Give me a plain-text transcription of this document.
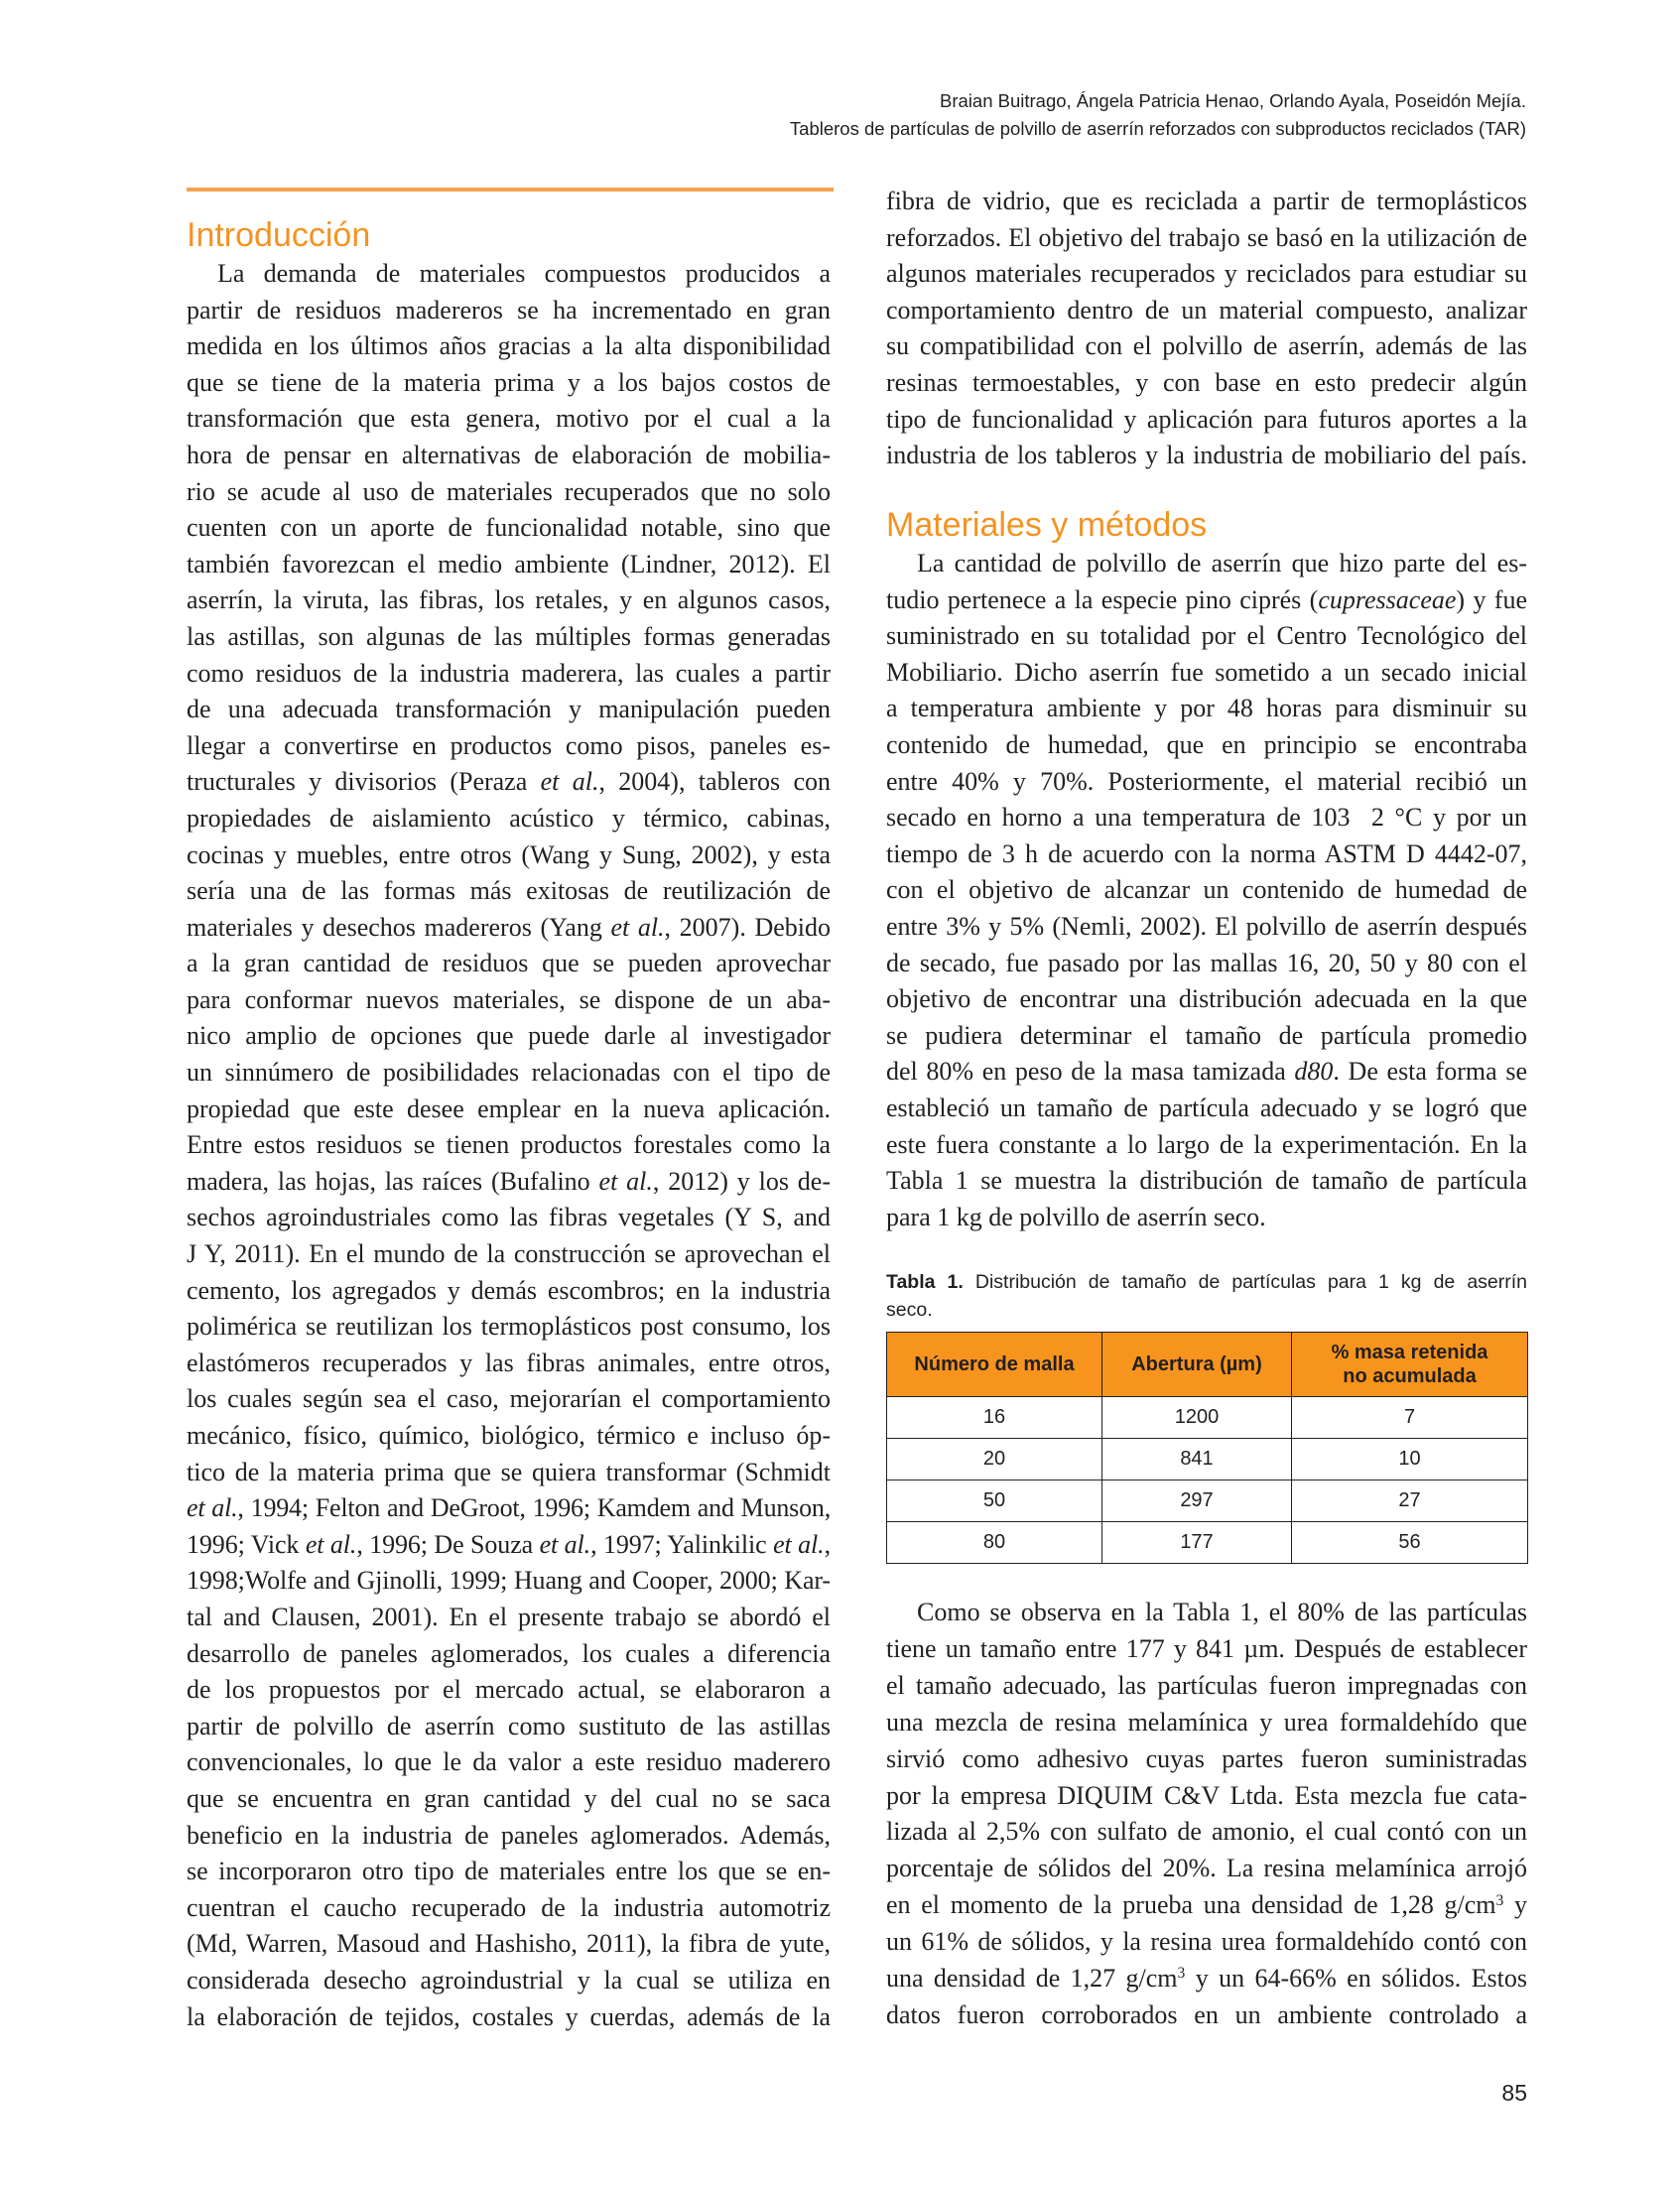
Braian Buitrago, Ángela Patricia Henao, Orlando Ayala, Poseidón Mejía.
Tableros de partículas de polvillo de aserrín reforzados con subproductos reciclados (TAR)
Introducción
La demanda de materiales compuestos producidos a
partir de residuos madereros se ha incrementado en gran
medida en los últimos años gracias a la alta disponibilidad
que se tiene de la materia prima y a los bajos costos de
transformación que esta genera, motivo por el cual a la
hora de pensar en alternativas de elaboración de mobilia-
rio se acude al uso de materiales recuperados que no solo
cuenten con un aporte de funcionalidad notable, sino que
también favorezcan el medio ambiente (Lindner, 2012). El
aserrín, la viruta, las fibras, los retales, y en algunos casos,
las astillas, son algunas de las múltiples formas generadas
como residuos de la industria maderera, las cuales a partir
de una adecuada transformación y manipulación pueden
llegar a convertirse en productos como pisos, paneles es-
tructurales y divisorios (Peraza et al., 2004), tableros con
propiedades de aislamiento acústico y térmico, cabinas,
cocinas y muebles, entre otros (Wang y Sung, 2002), y esta
sería una de las formas más exitosas de reutilización de
materiales y desechos madereros (Yang et al., 2007). Debido
a la gran cantidad de residuos que se pueden aprovechar
para conformar nuevos materiales, se dispone de un aba-
nico amplio de opciones que puede darle al investigador
un sinnúmero de posibilidades relacionadas con el tipo de
propiedad que este desee emplear en la nueva aplicación.
Entre estos residuos se tienen productos forestales como la
madera, las hojas, las raíces (Bufalino et al., 2012) y los de-
sechos agroindustriales como las fibras vegetales (Y S, and
J Y, 2011). En el mundo de la construcción se aprovechan el
cemento, los agregados y demás escombros; en la industria
polimérica se reutilizan los termoplásticos post consumo, los
elastómeros recuperados y las fibras animales, entre otros,
los cuales según sea el caso, mejorarían el comportamiento
mecánico, físico, químico, biológico, térmico e incluso óp-
tico de la materia prima que se quiera transformar (Schmidt
et al., 1994; Felton and DeGroot, 1996; Kamdem and Munson,
1996; Vick et al., 1996; De Souza et al., 1997; Yalinkilic et al.,
1998;Wolfe and Gjinolli, 1999; Huang and Cooper, 2000; Kar-
tal and Clausen, 2001). En el presente trabajo se abordó el
desarrollo de paneles aglomerados, los cuales a diferencia
de los propuestos por el mercado actual, se elaboraron a
partir de polvillo de aserrín como sustituto de las astillas
convencionales, lo que le da valor a este residuo maderero
que se encuentra en gran cantidad y del cual no se saca
beneficio en la industria de paneles aglomerados. Además,
se incorporaron otro tipo de materiales entre los que se en-
cuentran el caucho recuperado de la industria automotriz
(Md, Warren, Masoud and Hashisho, 2011), la fibra de yute,
considerada desecho agroindustrial y la cual se utiliza en
la elaboración de tejidos, costales y cuerdas, además de la
fibra de vidrio, que es reciclada a partir de termoplásticos
reforzados. El objetivo del trabajo se basó en la utilización de
algunos materiales recuperados y reciclados para estudiar su
comportamiento dentro de un material compuesto, analizar
su compatibilidad con el polvillo de aserrín, además de las
resinas termoestables, y con base en esto predecir algún
tipo de funcionalidad y aplicación para futuros aportes a la
industria de los tableros y la industria de mobiliario del país.
Materiales y métodos
La cantidad de polvillo de aserrín que hizo parte del es-
tudio pertenece a la especie pino ciprés (cupressaceae) y fue
suministrado en su totalidad por el Centro Tecnológico del
Mobiliario. Dicho aserrín fue sometido a un secado inicial
a temperatura ambiente y por 48 horas para disminuir su
contenido de humedad, que en principio se encontraba
entre 40% y 70%. Posteriormente, el material recibió un
secado en horno a una temperatura de 103  2 °C y por un
tiempo de 3 h de acuerdo con la norma ASTM D 4442-07,
con el objetivo de alcanzar un contenido de humedad de
entre 3% y 5% (Nemli, 2002). El polvillo de aserrín después
de secado, fue pasado por las mallas 16, 20, 50 y 80 con el
objetivo de encontrar una distribución adecuada en la que
se pudiera determinar el tamaño de partícula promedio
del 80% en peso de la masa tamizada d80. De esta forma se
estableció un tamaño de partícula adecuado y se logró que
este fuera constante a lo largo de la experimentación. En la
Tabla 1 se muestra la distribución de tamaño de partícula
para 1 kg de polvillo de aserrín seco.
Tabla 1. Distribución de tamaño de partículas para 1 kg de aserrín
seco.
Número de malla	Abertura (µm)	% masa retenida
no acumulada

16	1200	7
20	841	10
50	297	27
80	177	56
Como se observa en la Tabla 1, el 80% de las partículas
tiene un tamaño entre 177 y 841 µm. Después de establecer
el tamaño adecuado, las partículas fueron impregnadas con
una mezcla de resina melamínica y urea formaldehído que
sirvió como adhesivo cuyas partes fueron suministradas
por la empresa DIQUIM C&V Ltda. Esta mezcla fue cata-
lizada al 2,5% con sulfato de amonio, el cual contó con un
porcentaje de sólidos del 20%. La resina melamínica arrojó
en el momento de la prueba una densidad de 1,28 $g/cm^3$ y
un 61% de sólidos, y la resina urea formaldehído contó con
una densidad de 1,27 $g/cm^3$ y un 64-66% en sólidos. Estos
datos fueron corroborados en un ambiente controlado a
85
